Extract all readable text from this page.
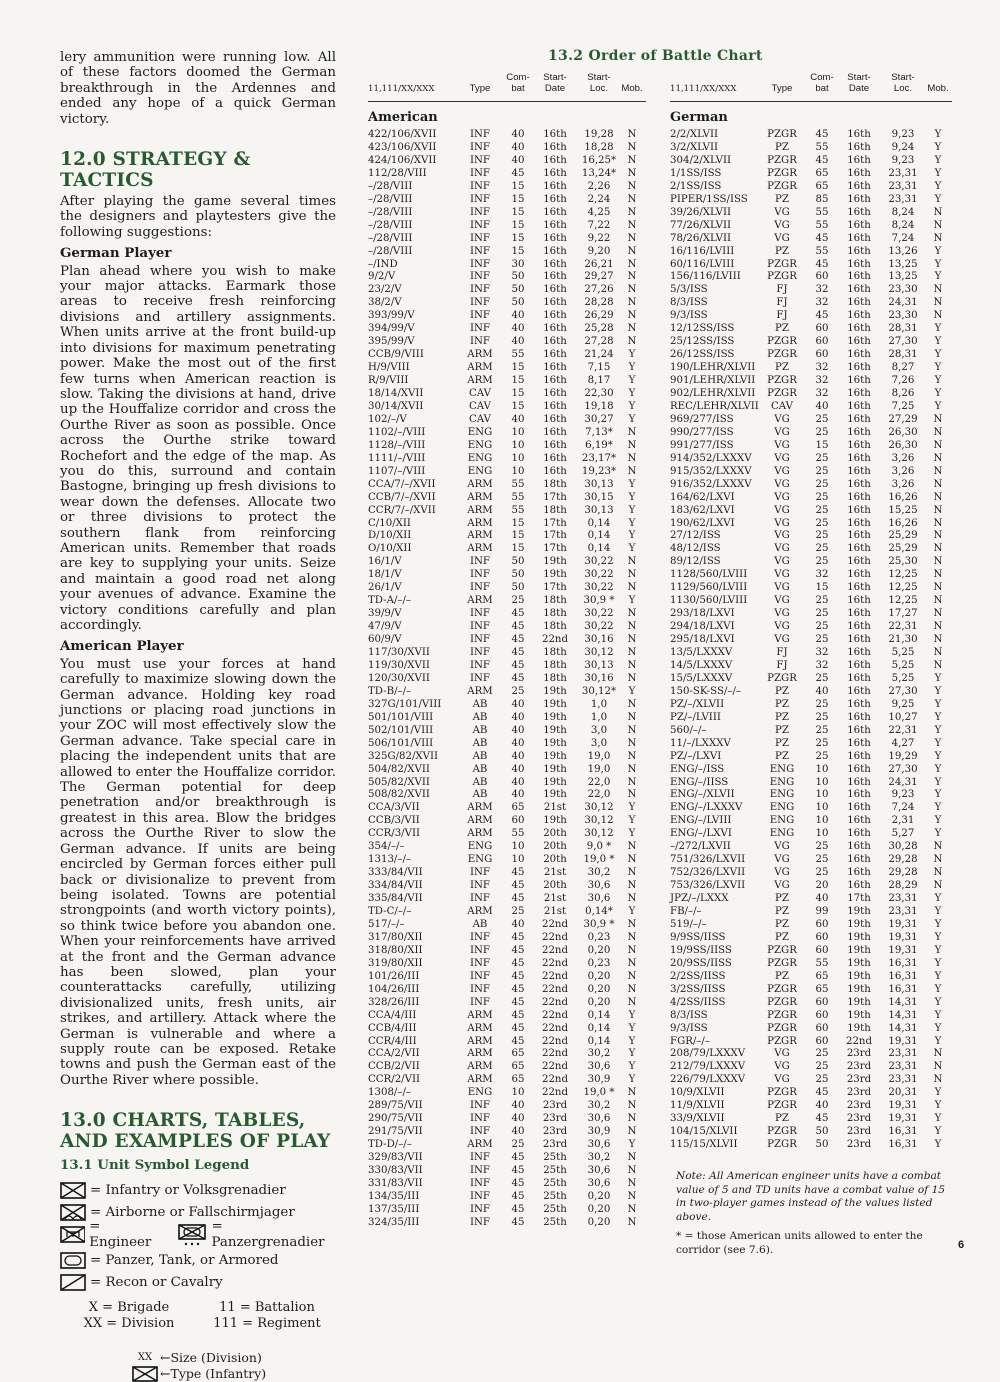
lery ammunition were running low. All of these factors doomed the German breakthrough in the Ardennes and ended any hope of a quick German victory.

12.0 STRATEGY & TACTICS

After playing the game several times the designers and playtesters give the following suggestions:

German Player

Plan ahead where you wish to make your major attacks. Earmark those areas to receive fresh reinforcing divisions and artillery assignments. When units arrive at the front build-up into divisions for maximum penetrating power. Make the most out of the first few turns when American reaction is slow. Taking the divisions at hand, drive up the Houffalize corridor and cross the Ourthe River as soon as possible. Once across the Ourthe strike toward Rochefort and the edge of the map. As you do this, surround and contain Bastogne, bringing up fresh divisions to wear down the defenses. Allocate two or three divisions to protect the southern flank from reinforcing American units. Remember that roads are key to supplying your units. Seize and maintain a good road net along your avenues of advance. Examine the victory conditions carefully and plan accordingly.

American Player

You must use your forces at hand carefully to maximize slowing down the German advance. Holding key road junctions or placing road junctions in your ZOC will most effectively slow the German advance. Take special care in placing the independent units that are allowed to enter the Houffalize corridor. The German potential for deep penetration and/or breakthrough is greatest in this area. Blow the bridges across the Ourthe River to slow the German advance. If units are being encircled by German forces either pull back or divisionalize to prevent from being isolated. Towns are potential strongpoints (and worth victory points), so think twice before you abandon one. When your reinforcements have arrived at the front and the German advance has been slowed, plan your counterattacks carefully, utilizing divisionalized units, fresh units, air strikes, and artillery. Attack where the German is vulnerable and where a supply route can be exposed. Retake towns and push the German east of the Ourthe River where possible.

13.0 CHARTS, TABLES, AND EXAMPLES OF PLAY
13.1 Unit Symbol Legend
= Infantry or Volksgrenadier
= Airborne or Fallschirmjager
= Engineer
= Panzergrenadier
= Panzer, Tank, or Armored
= Recon or Cavalry
X = Brigade	11 = Battalion
XX = Division	111 = Regiment
XX ← Size (Division)
← Type (Infantry)
13.2 Order of Battle Chart
11,111/XX/XXX	Type
Com-
bat
Start-
Date
Start-
Loc.	Mob.
American
422/106/XVII	INF	40	16th	19,28	N
423/106/XVII	INF	40	16th	18,28	N
424/106/XVII	INF	40	16th	16,25*	N
112/28/VIII	INF	45	16th	13,24*	N
–/28/VIII	INF	15	16th	2,26	N
–/28/VIII	INF	15	16th	2,24	N
–/28/VIII	INF	15	16th	4,25	N
–/28/VIII	INF	15	16th	7,22	N
–/28/VIII	INF	15	16th	9,22	N
–/28/VIII	INF	15	16th	9,20	N
–/IND	INF	30	16th	26,21	N
9/2/V	INF	50	16th	29,27	N
23/2/V	INF	50	16th	27,26	N
38/2/V	INF	50	16th	28,28	N
393/99/V	INF	40	16th	26,29	N
394/99/V	INF	40	16th	25,28	N
395/99/V	INF	40	16th	27,28	N
CCB/9/VIII	ARM	55	16th	21,24	Y
H/9/VIII	ARM	15	16th	7,15	Y
R/9/VIII	ARM	15	16th	8,17	Y
18/14/XVII	CAV	15	16th	22,30	Y
30/14/XVII	CAV	15	16th	19,18	Y
102/–/V	CAV	40	16th	30,27	Y
1102/–/VIII	ENG	10	16th	7,13*	N
1128/–/VIII	ENG	10	16th	6,19*	N
1111/–/VIII	ENG	10	16th	23,17*	N
1107/–/VIII	ENG	10	16th	19,23*	N
CCA/7/–/XVII	ARM	55	18th	30,13	Y
CCB/7/–/XVII	ARM	55	17th	30,15	Y
CCR/7/–/XVII	ARM	55	18th	30,13	Y
C/10/XII	ARM	15	17th	0,14	Y
D/10/XII	ARM	15	17th	0,14	Y
O/10/XII	ARM	15	17th	0,14	Y
16/1/V	INF	50	19th	30,22	N
18/1/V	INF	50	19th	30,22	N
26/1/V	INF	50	17th	30,22	N
TD-A/–/–	ARM	25	18th	30,9 *	Y
39/9/V	INF	45	18th	30,22	N
47/9/V	INF	45	18th	30,22	N
60/9/V	INF	45	22nd	30,16	N
117/30/XVII	INF	45	18th	30,12	N
119/30/XVII	INF	45	18th	30,13	N
120/30/XVII	INF	45	18th	30,16	N
TD-B/–/–	ARM	25	19th	30,12*	Y
327G/101/VIII	AB	40	19th	1,0	N
501/101/VIII	AB	40	19th	1,0	N
502/101/VIII	AB	40	19th	3,0	N
506/101/VIII	AB	40	19th	3,0	N
325G/82/XVII	AB	40	19th	19,0	N
504/82/XVII	AB	40	19th	19,0	N
505/82/XVII	AB	40	19th	22,0	N
508/82/XVII	AB	40	19th	22,0	N
CCA/3/VII	ARM	65	21st	30,12	Y
CCB/3/VII	ARM	60	19th	30,12	Y
CCR/3/VII	ARM	55	20th	30,12	Y
354/–/–	ENG	10	20th	9,0 *	N
1313/–/–	ENG	10	20th	19,0 *	N
333/84/VII	INF	45	21st	30,2	N
334/84/VII	INF	45	20th	30,6	N
335/84/VII	INF	45	21st	30,6	N
TD-C/–/–	ARM	25	21st	0,14*	Y
517/–/–	AB	40	22nd	30,9 *	N
317/80/XII	INF	45	22nd	0,23	N
318/80/XII	INF	45	22nd	0,20	N
319/80/XII	INF	45	22nd	0,23	N
101/26/III	INF	45	22nd	0,20	N
104/26/III	INF	45	22nd	0,20	N
328/26/III	INF	45	22nd	0,20	N
CCA/4/III	ARM	45	22nd	0,14	Y
CCB/4/III	ARM	45	22nd	0,14	Y
CCR/4/III	ARM	45	22nd	0,14	Y
CCA/2/VII	ARM	65	22nd	30,2	Y
CCB/2/VII	ARM	65	22nd	30,6	Y
CCR/2/VII	ARM	65	22nd	30,9	Y
1308/–/–	ENG	10	22nd	19,0 *	N
289/75/VII	INF	40	23rd	30,2	N
290/75/VII	INF	40	23rd	30,6	N
291/75/VII	INF	40	23rd	30,9	N
TD-D/–/–	ARM	25	23rd	30,6	Y
329/83/VII	INF	45	25th	30,2	N
330/83/VII	INF	45	25th	30,6	N
331/83/VII	INF	45	25th	30,6	N
134/35/III	INF	45	25th	0,20	N
137/35/III	INF	45	25th	0,20	N
324/35/III	INF	45	25th	0,20	N
11,111/XX/XXX	Type
Com-
bat
Start-
Date
Start-
Loc.	Mob.
German
2/2/XLVII	PZGR	45	16th	9,23	Y
3/2/XLVII	PZ	55	16th	9,24	Y
304/2/XLVII	PZGR	45	16th	9,23	Y
1/1SS/ISS	PZGR	65	16th	23,31	Y
2/1SS/ISS	PZGR	65	16th	23,31	Y
PIPER/1SS/ISS	PZ	85	16th	23,31	Y
39/26/XLVII	VG	55	16th	8,24	N
77/26/XLVII	VG	55	16th	8,24	N
78/26/XLVII	VG	45	16th	7,24	N
16/116/LVIII	PZ	55	16th	13,26	Y
60/116/LVIII	PZGR	45	16th	13,25	Y
156/116/LVIII	PZGR	60	16th	13,25	Y
5/3/ISS	FJ	32	16th	23,30	N
8/3/ISS	FJ	32	16th	24,31	N
9/3/ISS	FJ	45	16th	23,30	N
12/12SS/ISS	PZ	60	16th	28,31	Y
25/12SS/ISS	PZGR	60	16th	27,30	Y
26/12SS/ISS	PZGR	60	16th	28,31	Y
190/LEHR/XLVII	PZ	32	16th	8,27	Y
901/LEHR/XLVII	PZGR	32	16th	7,26	Y
902/LEHR/XLVII	PZGR	32	16th	8,26	Y
REC/LEHR/XLVII	CAV	40	16th	7,25	Y
969/277/ISS	VG	25	16th	27,29	N
990/277/ISS	VG	25	16th	26,30	N
991/277/ISS	VG	15	16th	26,30	N
914/352/LXXXV	VG	25	16th	3,26	N
915/352/LXXXV	VG	25	16th	3,26	N
916/352/LXXXV	VG	25	16th	3,26	N
164/62/LXVI	VG	25	16th	16,26	N
183/62/LXVI	VG	25	16th	15,25	N
190/62/LXVI	VG	25	16th	16,26	N
27/12/ISS	VG	25	16th	25,29	N
48/12/ISS	VG	25	16th	25,29	N
89/12/ISS	VG	25	16th	25,30	N
1128/560/LVIII	VG	32	16th	12,25	N
1129/560/LVIII	VG	15	16th	12,25	N
1130/560/LVIII	VG	25	16th	12,25	N
293/18/LXVI	VG	25	16th	17,27	N
294/18/LXVI	VG	25	16th	22,31	N
295/18/LXVI	VG	25	16th	21,30	N
13/5/LXXXV	FJ	32	16th	5,25	N
14/5/LXXXV	FJ	32	16th	5,25	N
15/5/LXXXV	PZGR	25	16th	5,25	Y
150-SK-SS/–/–	PZ	40	16th	27,30	Y
PZ/–/XLVII	PZ	25	16th	9,25	Y
PZ/–/LVIII	PZ	25	16th	10,27	Y
560/–/–	PZ	25	16th	22,31	Y
11/–/LXXXV	PZ	25	16th	4,27	Y
PZ/–/LXVI	PZ	25	16th	19,29	Y
ENG/–/ISS	ENG	10	16th	27,30	Y
ENG/–/IISS	ENG	10	16th	24,31	Y
ENG/–/XLVII	ENG	10	16th	9,23	Y
ENG/–/LXXXV	ENG	10	16th	7,24	Y
ENG/–/LVIII	ENG	10	16th	2,31	Y
ENG/–/LXVI	ENG	10	16th	5,27	Y
–/272/LXVII	VG	25	16th	30,28	N
751/326/LXVII	VG	25	16th	29,28	N
752/326/LXVII	VG	25	16th	29,28	N
753/326/LXVII	VG	20	16th	28,29	N
JPZ/–/LXXX	PZ	40	17th	23,31	Y
FB/–/–	PZ	99	19th	23,31	Y
519/–/–	PZ	60	19th	19,31	Y
9/9SS/IISS	PZ	60	19th	19,31	Y
19/9SS/IISS	PZGR	60	19th	19,31	Y
20/9SS/IISS	PZGR	55	19th	16,31	Y
2/2SS/IISS	PZ	65	19th	16,31	Y
3/2SS/IISS	PZGR	65	19th	16,31	Y
4/2SS/IISS	PZGR	60	19th	14,31	Y
8/3/ISS	PZGR	60	19th	14,31	Y
9/3/ISS	PZGR	60	19th	14,31	Y
FGR/–/–	PZGR	60	22nd	19,31	Y
208/79/LXXXV	VG	25	23rd	23,31	N
212/79/LXXXV	VG	25	23rd	23,31	N
226/79/LXXXV	VG	25	23rd	23,31	N
10/9/XLVII	PZGR	45	23rd	20,31	Y
11/9/XLVII	PZGR	40	23rd	19,31	Y
33/9/XLVII	PZ	45	23rd	19,31	Y
104/15/XLVII	PZGR	50	23rd	16,31	Y
115/15/XLVII	PZGR	50	23rd	16,31	Y

Note: All American engineer units have a combat value of 5 and TD units have a combat value of 15 in two-player games instead of the values listed above.

* = those American units allowed to enter the corridor (see 7.6).	6
